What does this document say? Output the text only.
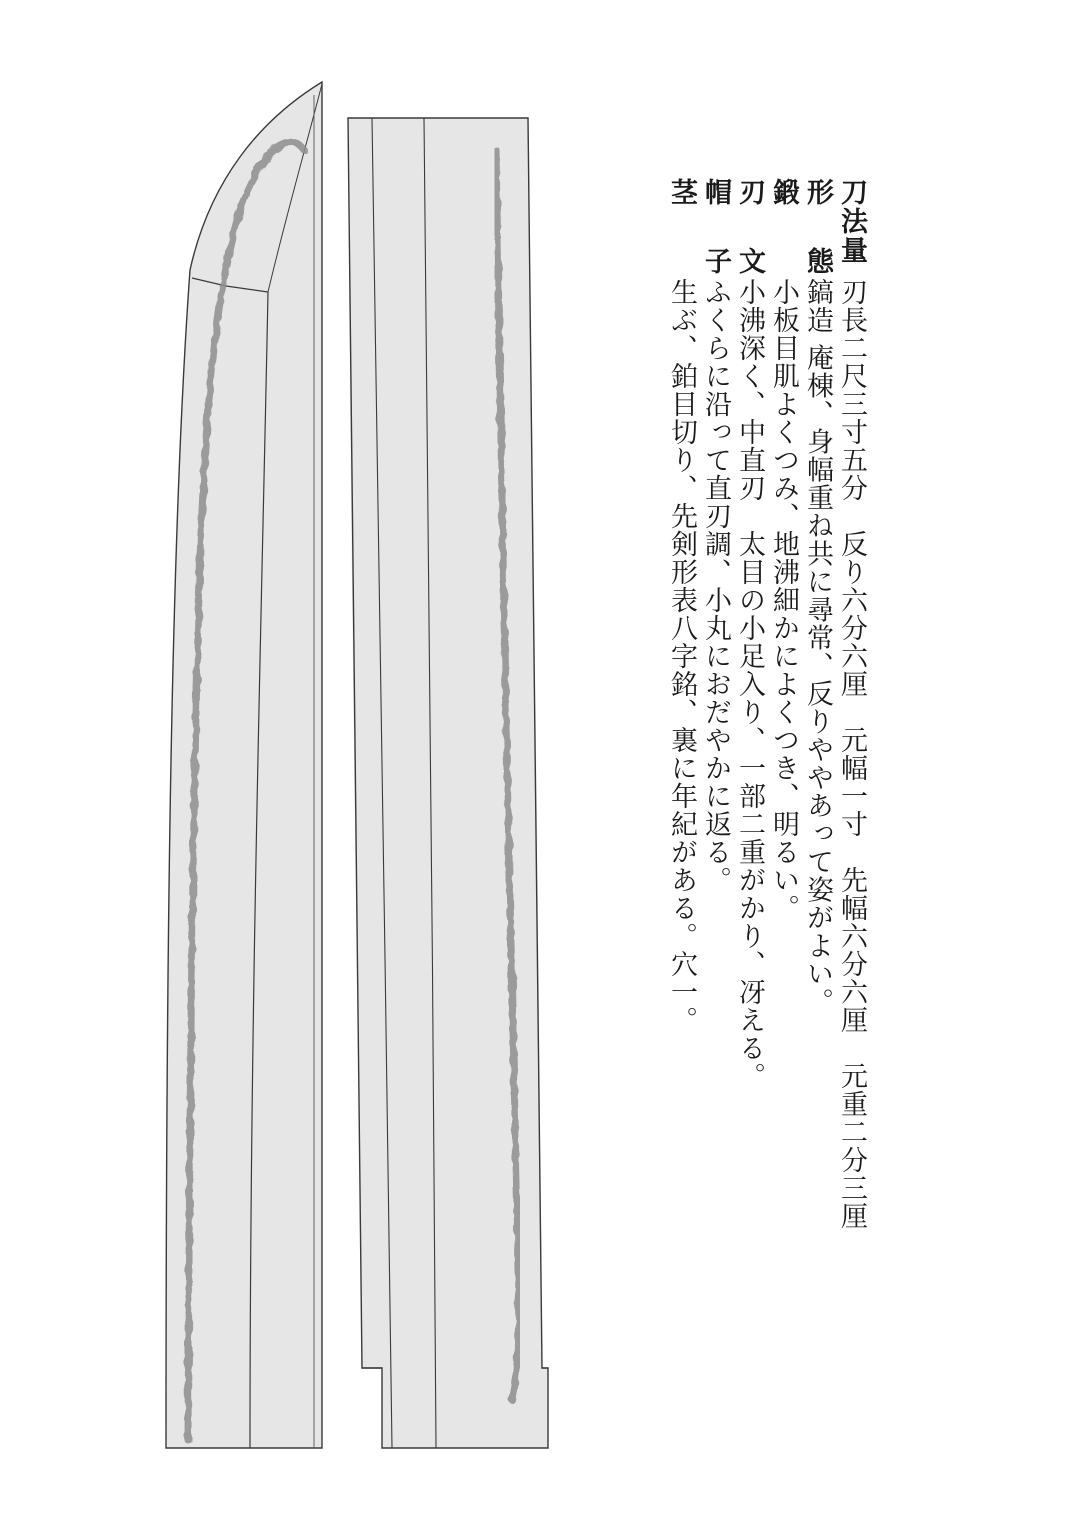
刀法量刃長二尺三寸五分　反り六分六厘　元幅一寸　先幅六分六厘　元重二分三厘
形態鎬造 庵棟、身幅重ね共に尋常、反りややあって姿がよい。
鍛小板目肌よくつみ、地沸細かによくつき、明るい。
刃文小沸深く、中直刃　太目の小足入り、一部二重がかり、冴える。
帽子ふくらに沿って直刃調、小丸におだやかに返る。
茎生ぶ、鉑目切り、先剣形表八字銘、裏に年紀がある。穴一。
